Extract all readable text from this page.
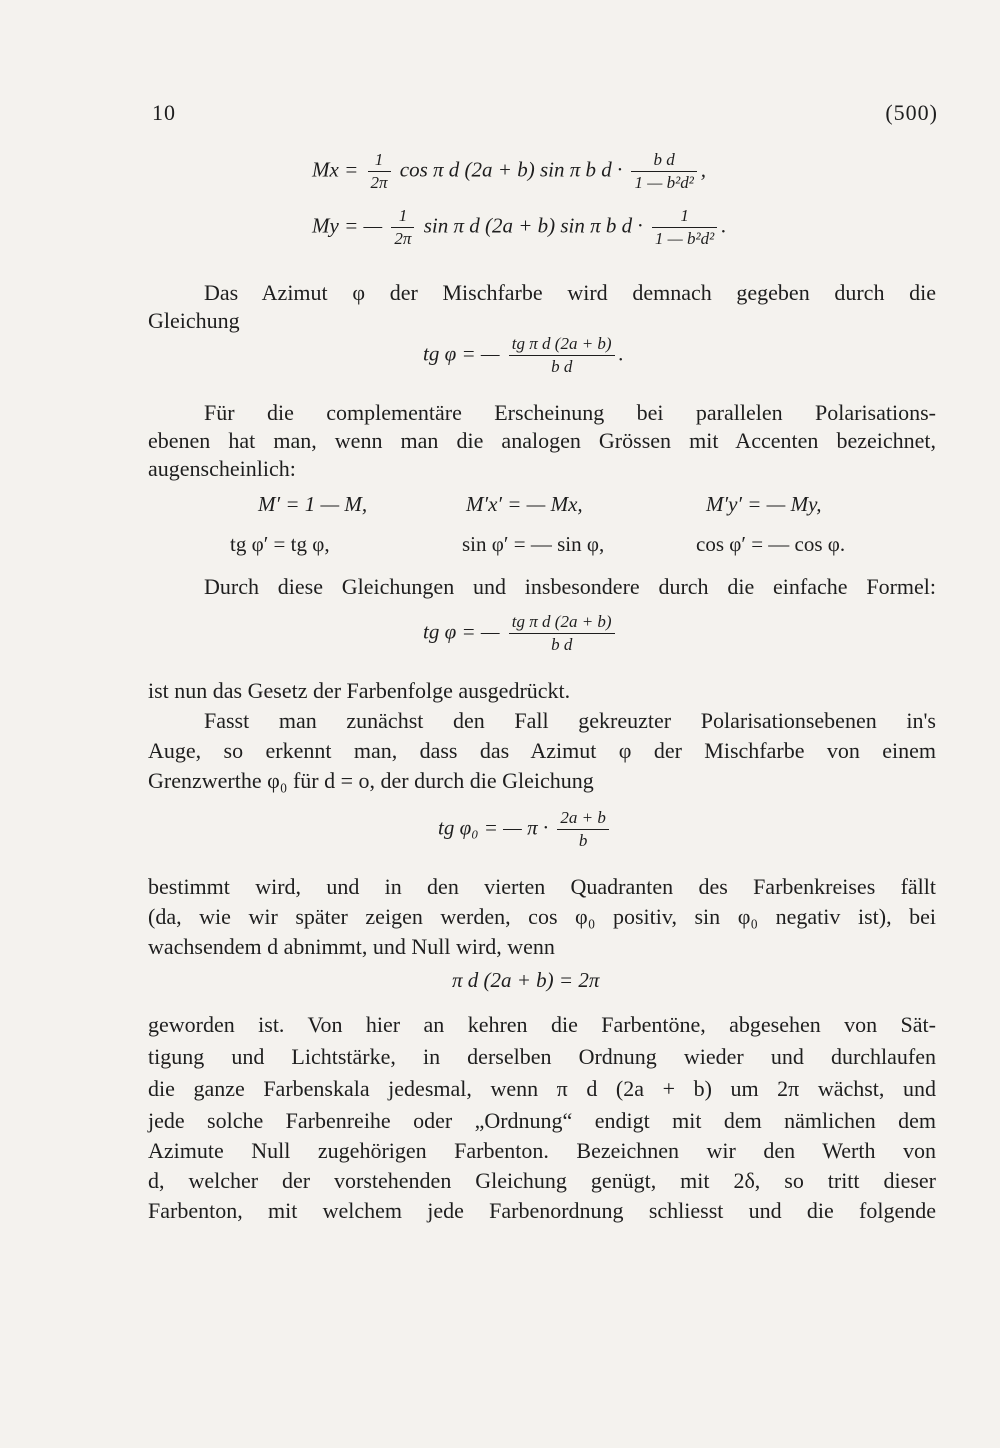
10	(500)
$Mx = \frac{1}{2\pi}$ cos π d (2a + b) sin π b $d \cdot \frac{\text{b d}}{\text{1 — b²d²}}$ ,
My = — $\frac{1}{2\pi}$ sin π d (2a + b) sin π b $d \cdot \frac{1}{\text{1 — b²d²}}$ .
Das Azimut φ der Mischfarbe wird demnach gegeben durch die
Gleichung
tg φ = — $\frac{\text{tg π d (2a + b)}}{\text{b d}}$ .
Für die complementäre Erscheinung bei parallelen Polarisations-
ebenen hat man, wenn man die analogen Grössen mit Accenten bezeichnet,
augenscheinlich:
M′ = 1 — M,	M′x′ = — Mx,	M′y′ = — My,
tg φ′ = tg φ,	sin φ′ = — sin φ,	cos φ′ = — cos φ.
Durch diese Gleichungen und insbesondere durch die einfache Formel:
tg φ = — $\frac{\text{tg π d (2a + b)}}{\text{b d}}$
ist nun das Gesetz der Farbenfolge ausgedrückt.
Fasst man zunächst den Fall gekreuzter Polarisationsebenen in's
Auge, so erkennt man, dass das Azimut φ der Mischfarbe von einem
Grenzwerthe φ₀ für d = o, der durch die Gleichung
tg φ₀ = — $\pi \cdot \frac{2a + b}{b}$
bestimmt wird, und in den vierten Quadranten des Farbenkreises fällt
(da, wie wir später zeigen werden, cos φ₀ positiv, sin φ₀ negativ ist), bei
wachsendem d abnimmt, und Null wird, wenn
π d (2a + b) = 2π
geworden ist. Von hier an kehren die Farbentöne, abgesehen von Sät-
tigung und Lichtstärke, in derselben Ordnung wieder und durchlaufen
die ganze Farbenskala jedesmal, wenn π d (2a + b) um 2π wächst, und
jede solche Farbenreihe oder „Ordnung“ endigt mit dem nämlichen dem
Azimute Null zugehörigen Farbenton. Bezeichnen wir den Werth von
d, welcher der vorstehenden Gleichung genügt, mit 2δ, so tritt dieser
Farbenton, mit welchem jede Farbenordnung schliesst und die folgende
